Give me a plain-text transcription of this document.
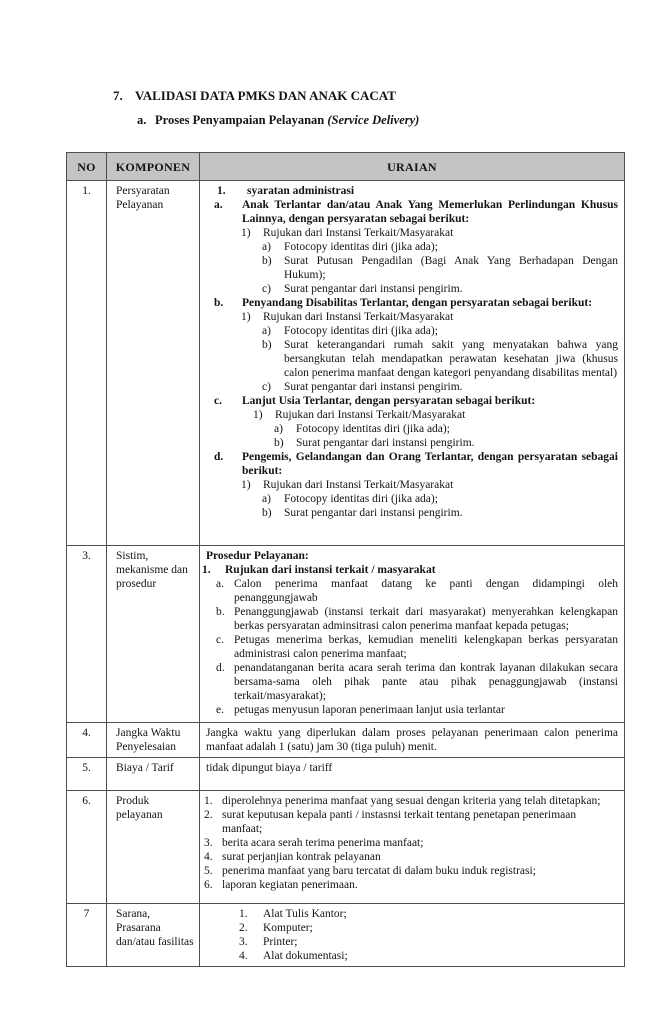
7. VALIDASI DATA PMKS DAN ANAK CACAT
a. Proses Penyampaian Pelayanan (Service Delivery)
NO	KOMPONEN	URAIAN
1.	Persyaratan Pelayanan	
1. syaratan administrasi
a. Anak Terlantar dan/atau Anak Yang Memerlukan Perlindungan Khusus Lainnya, dengan persyaratan sebagai berikut:
1) Rujukan dari Instansi Terkait/Masyarakat
a) Fotocopy identitas diri (jika ada);
b) Surat Putusan Pengadilan (Bagi Anak Yang Berhadapan Dengan Hukum);
c) Surat pengantar dari instansi pengirim.
b. Penyandang Disabilitas Terlantar, dengan persyaratan sebagai berikut:
1) Rujukan dari Instansi Terkait/Masyarakat
a) Fotocopy identitas diri (jika ada);
b) Surat keterangandari rumah sakit yang menyatakan bahwa yang bersangkutan telah mendapatkan perawatan kesehatan jiwa (khusus calon penerima manfaat dengan kategori penyandang disabilitas mental)
c) Surat pengantar dari instansi pengirim.
c. Lanjut Usia Terlantar, dengan persyaratan sebagai berikut:
1) Rujukan dari Instansi Terkait/Masyarakat
a) Fotocopy identitas diri (jika ada);
b) Surat pengantar dari instansi pengirim.
d. Pengemis, Gelandangan dan Orang Terlantar, dengan persyaratan sebagai berikut:
1) Rujukan dari Instansi Terkait/Masyarakat
a) Fotocopy identitas diri (jika ada);
b) Surat pengantar dari instansi pengirim.

3.	Sistim, mekanisme dan prosedur	
Prosedur Pelayanan:
1. Rujukan dari instansi terkait / masyarakat
a. Calon penerima manfaat datang ke panti dengan didampingi oleh penanggungjawab
b. Penanggungjawab (instansi terkait dari masyarakat) menyerahkan kelengkapan berkas persyaratan adminsitrasi calon penerima manfaat kepada petugas;
c. Petugas menerima berkas, kemudian meneliti kelengkapan berkas persyaratan administrasi calon penerima manfaat;
d. penandatanganan berita acara serah terima dan kontrak layanan dilakukan secara bersama-sama oleh pihak pante atau pihak penaggungjawab (instansi terkait/masyarakat);
e. petugas menyusun laporan penerimaan lanjut usia terlantar

4.	Jangka Waktu Penyelesaian	Jangka waktu yang diperlukan dalam proses pelayanan penerimaan calon penerima manfaat adalah 1 (satu) jam 30 (tiga puluh) menit.

5.	Biaya / Tarif	tidak dipungut biaya / tariff

6.	Produk pelayanan	
1. diperolehnya penerima manfaat yang sesuai dengan kriteria yang telah ditetapkan;
2. surat keputusan kepala panti / instasnsi terkait tentang penetapan penerimaan manfaat;
3. berita acara serah terima penerima manfaat;
4. surat perjanjian kontrak pelayanan
5. penerima manfaat yang baru tercatat di dalam buku induk registrasi;
6. laporan kegiatan penerimaan.

7	Sarana, Prasarana dan/atau fasilitas	1. Alat Tulis Kantor;
2. Komputer;
3. Printer;
4. Alat dokumentasi;
